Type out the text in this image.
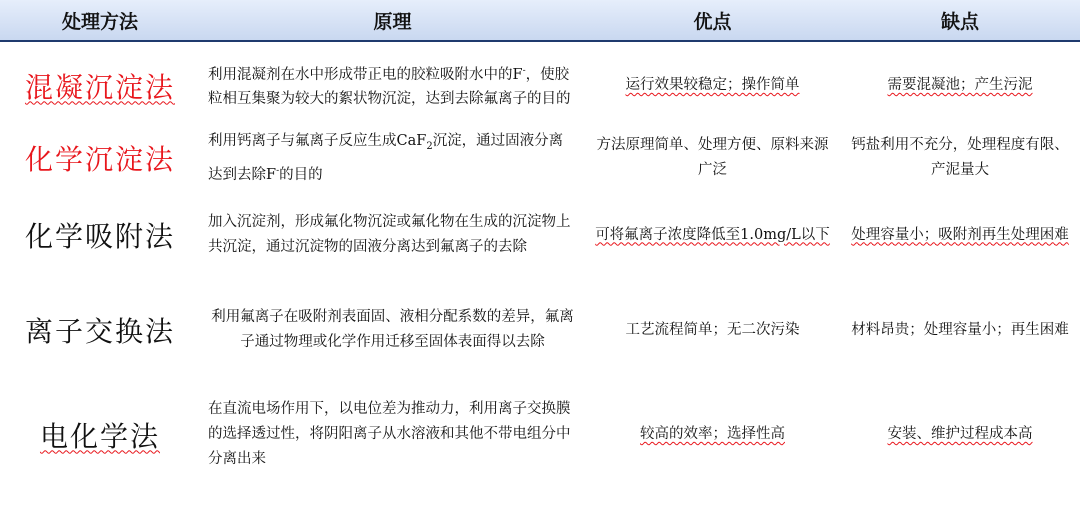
处理方法	原理	优点	缺点
混凝沉淀法	利用混凝剂在水中形成带正电的胶粒吸附水中的F-，使胶粒相互集聚为较大的絮状物沉淀，达到去除氟离子的目的	运行效果较稳定；操作简单	需要混凝池；产生污泥
化学沉淀法	利用钙离子与氟离子反应生成CaF$_2$沉淀，通过固液分离达到去除F-的目的	方法原理简单、处理方便、原料来源广泛	钙盐利用不充分，处理程度有限、产泥量大
化学吸附法	加入沉淀剂，形成氟化物沉淀或氟化物在生成的沉淀物上共沉淀，通过沉淀物的固液分离达到氟离子的去除	可将氟离子浓度降低至1.0mg/L以下	处理容量小；吸附剂再生处理困难
离子交换法	利用氟离子在吸附剂表面固、液相分配系数的差异，氟离子通过物理或化学作用迁移至固体表面得以去除	工艺流程简单；无二次污染	材料昂贵；处理容量小；再生困难
电化学法	在直流电场作用下，以电位差为推动力，利用离子交换膜的选择透过性，将阴阳离子从水溶液和其他不带电组分中分离出来	较高的效率；选择性高	安装、维护过程成本高
